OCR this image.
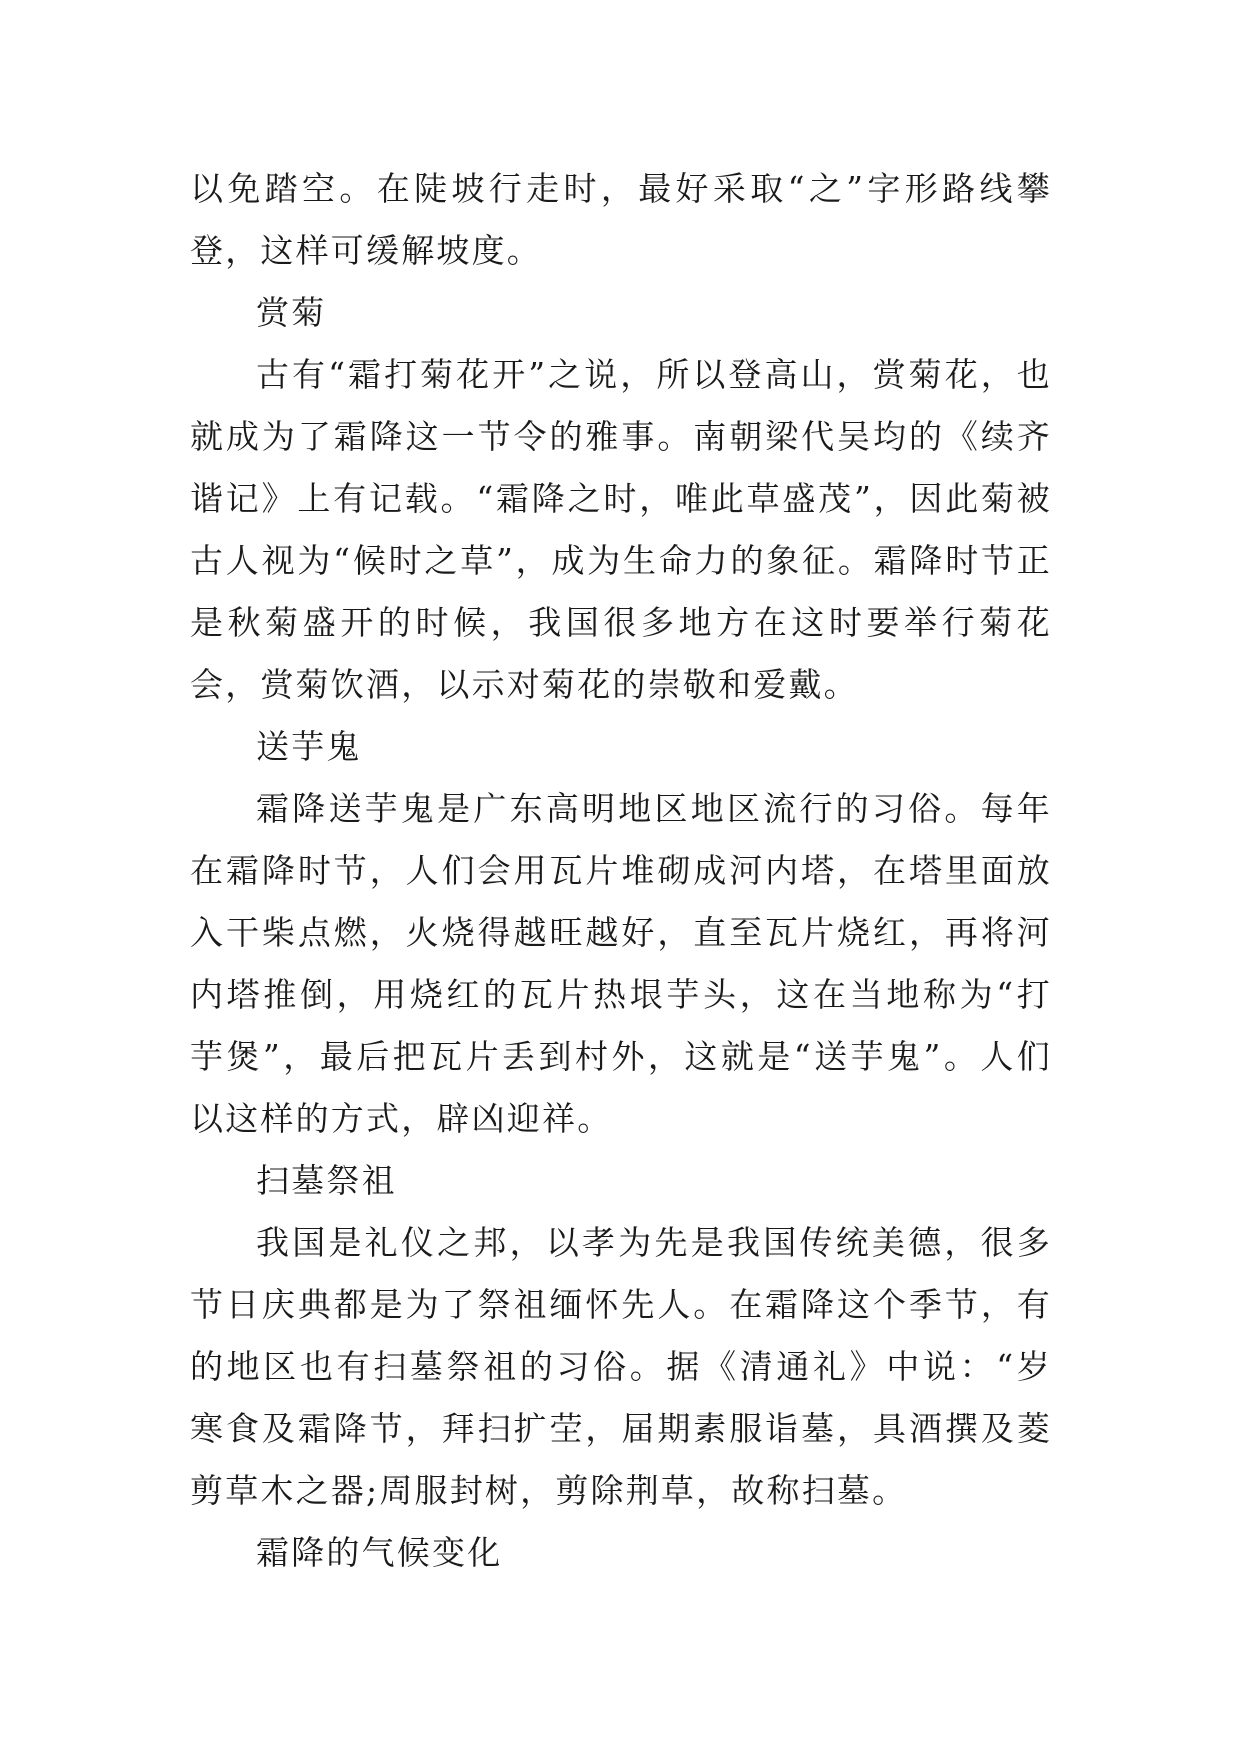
以免踏空。在陡坡行走时，最好采取“之”字形路线攀登，这样可缓解坡度。

赏菊

古有“霜打菊花开”之说，所以登高山，赏菊花，也就成为了霜降这一节令的雅事。南朝梁代吴均的《续齐谐记》上有记载。“霜降之时，唯此草盛茂”，因此菊被古人视为“候时之草”，成为生命力的象征。霜降时节正是秋菊盛开的时候，我国很多地方在这时要举行菊花会，赏菊饮酒，以示对菊花的崇敬和爱戴。

送芋鬼

霜降送芋鬼是广东高明地区地区流行的习俗。每年在霜降时节，人们会用瓦片堆砌成河内塔，在塔里面放入干柴点燃，火烧得越旺越好，直至瓦片烧红，再将河内塔推倒，用烧红的瓦片热垠芋头，这在当地称为“打芋煲”，最后把瓦片丢到村外，这就是“送芋鬼”。人们以这样的方式，辟凶迎祥。

扫墓祭祖

我国是礼仪之邦，以孝为先是我国传统美德，很多节日庆典都是为了祭祖缅怀先人。在霜降这个季节，有的地区也有扫墓祭祖的习俗。据《清通礼》中说：“岁寒食及霜降节，拜扫扩茔，届期素服诣墓，具酒撰及菱剪草木之器;周服封树，剪除荆草，故称扫墓。

霜降的气候变化
